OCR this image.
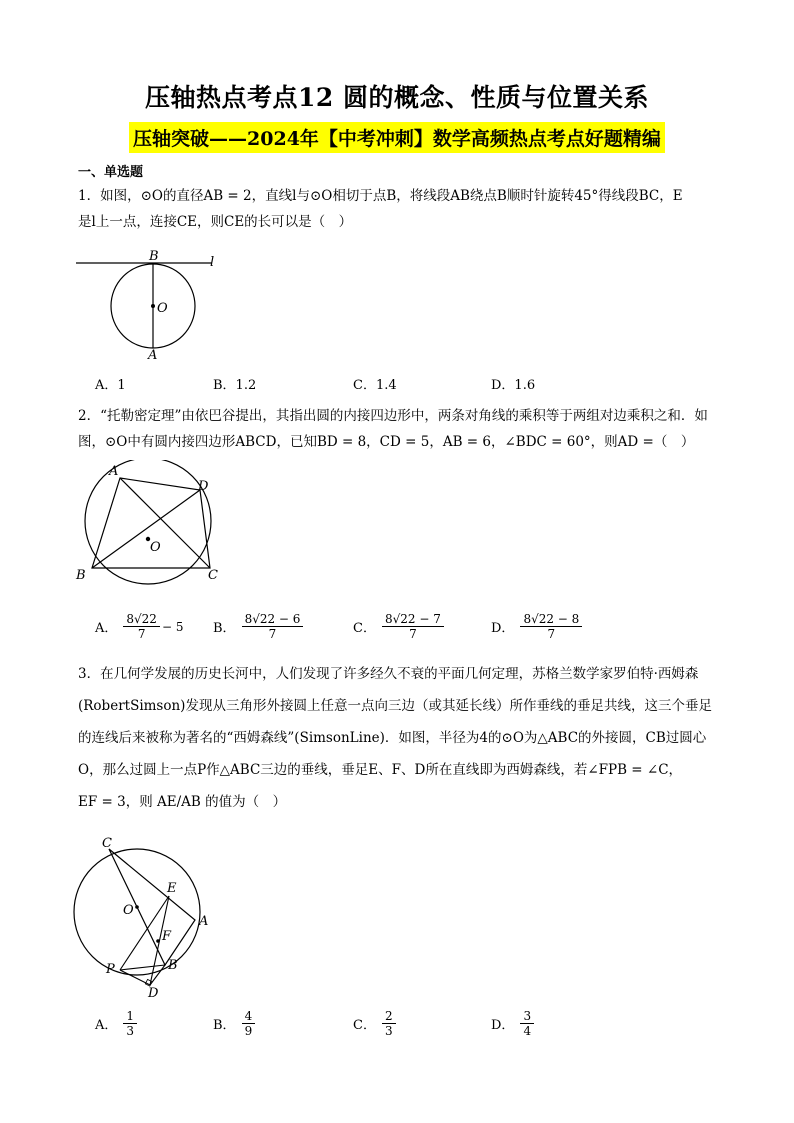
压轴热点考点12 圆的概念、性质与位置关系
压轴突破——2024年【中考冲刺】数学高频热点考点好题精编
一、单选题
1．如图，⊙O的直径AB = 2，直线l与⊙O相切于点B，将线段AB绕点B顺时针旋转45°得线段BC，E
是l上一点，连接CE，则CE的长可以是（　）
B	l
O
A
A．1	B．1.2	C．1.4	D．1.6
2．“托勒密定理”由依巴谷提出，其指出圆的内接四边形中，两条对角线的乘积等于两组对边乘积之和．如
图，⊙O中有圆内接四边形ABCD，已知BD = 8，CD = 5，AB = 6，∠BDC = 60°，则AD =（　）
A
D
O
B	C
A． $\frac{8√22}{7} - 5$ B． $\frac{8√22 - 6}{7}$	C． $\frac{8√22 - 7}{7}$	D． $\frac{8√22 - 8}{7}$
3．在几何学发展的历史长河中，人们发现了许多经久不衰的平面几何定理，苏格兰数学家罗伯特·西姆森
(RobertSimson)发现从三角形外接圆上任意一点向三边（或其延长线）所作垂线的垂足共线，这三个垂足
的连线后来被称为著名的“西姆森线”(SimsonLine)．如图，半径为4的⊙O为△ABC的外接圆，CB过圆心
O，那么过圆上一点P作△ABC三边的垂线，垂足E、F、D所在直线即为西姆森线，若∠FPB = ∠C，
EF = 3，则 AE/AB 的值为（　）
C
E
O
A
F
P	B
D
A． $\frac{1}{3}$	B． $\frac{4}{9}$	C． $\frac{2}{3}$	D． $\frac{3}{4}$
